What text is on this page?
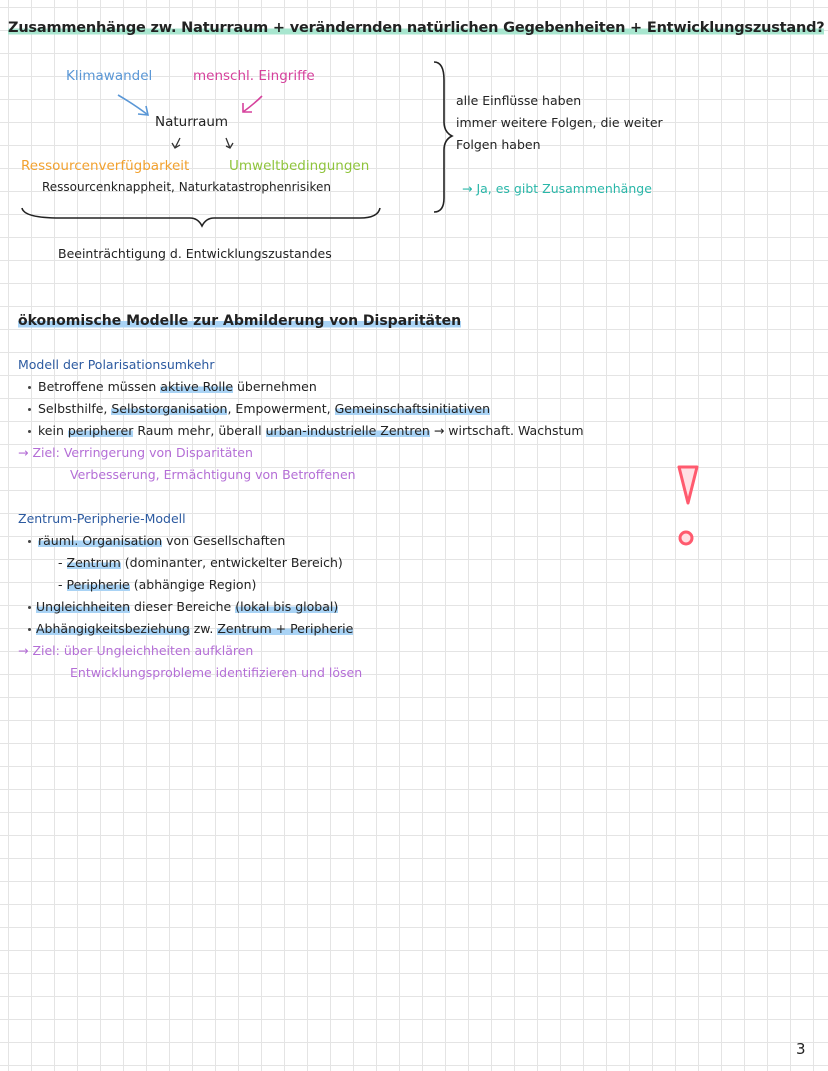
Zusammenhänge zw. Naturraum + verändernden natürlichen Gegebenheiten + Entwicklungszustand?
Klimawandel	menschl. Eingriffe
Naturraum
Ressourcenverfügbarkeit	Umweltbedingungen
Ressourcenknappheit, Naturkatastrophenrisiken
Beeinträchtigung d. Entwicklungszustandes
alle Einflüsse haben
immer weitere Folgen, die weiter
Folgen haben
→ Ja, es gibt Zusammenhänge
ökonomische Modelle zur Abmilderung von Disparitäten
Modell der Polarisationsumkehr
Betroffene müssen aktive Rolle übernehmen
Selbsthilfe, Selbstorganisation, Empowerment, Gemeinschaftsinitiativen
kein peripherer Raum mehr, überall urban-industrielle Zentren → wirtschaft. Wachstum
→ Ziel: Verringerung von Disparitäten
Verbesserung, Ermächtigung von Betroffenen
Zentrum-Peripherie-Modell
räuml. Organisation von Gesellschaften
- Zentrum (dominanter, entwickelter Bereich)
- Peripherie (abhängige Region)
Ungleichheiten dieser Bereiche (lokal bis global)
Abhängigkeitsbeziehung zw. Zentrum + Peripherie
→ Ziel: über Ungleichheiten aufklären
Entwicklungsprobleme identifizieren und lösen
3
